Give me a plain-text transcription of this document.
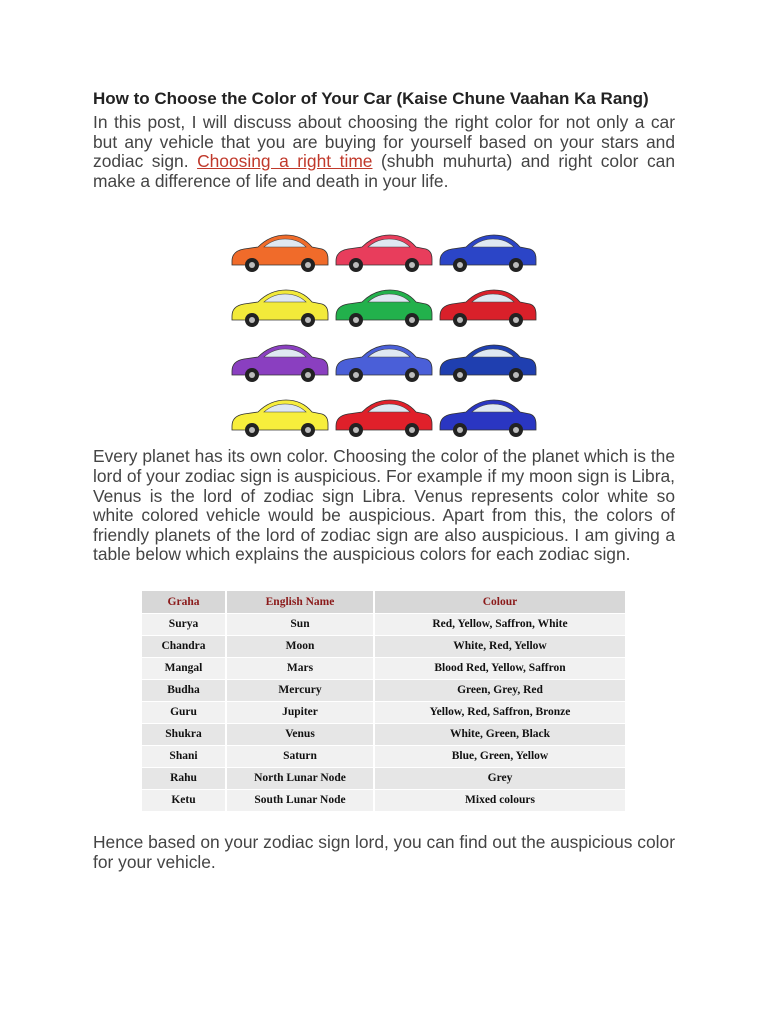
How to Choose the Color of Your Car (Kaise Chune Vaahan Ka Rang)

In this post, I will discuss about choosing the right color for not only a car but any vehicle that you are buying for yourself based on your stars and zodiac sign. Choosing a right time (shubh muhurta) and right color can make a difference of life and death in your life.

Every planet has its own color. Choosing the color of the planet which is the lord of your zodiac sign is auspicious. For example if my moon sign is Libra, Venus is the lord of zodiac sign Libra. Venus represents color white so white colored vehicle would be auspicious. Apart from this, the colors of friendly planets of the lord of zodiac sign are also auspicious. I am giving a table below which explains the auspicious colors for each zodiac sign.

Graha	English Name	Colour
Surya	Sun	Red, Yellow, Saffron, White
Chandra	Moon	White, Red, Yellow
Mangal	Mars	Blood Red, Yellow, Saffron
Budha	Mercury	Green, Grey, Red
Guru	Jupiter	Yellow, Red, Saffron, Bronze
Shukra	Venus	White, Green, Black
Shani	Saturn	Blue, Green, Yellow
Rahu	North Lunar Node	Grey
Ketu	South Lunar Node	Mixed colours

Hence based on your zodiac sign lord, you can find out the auspicious color for your vehicle.
